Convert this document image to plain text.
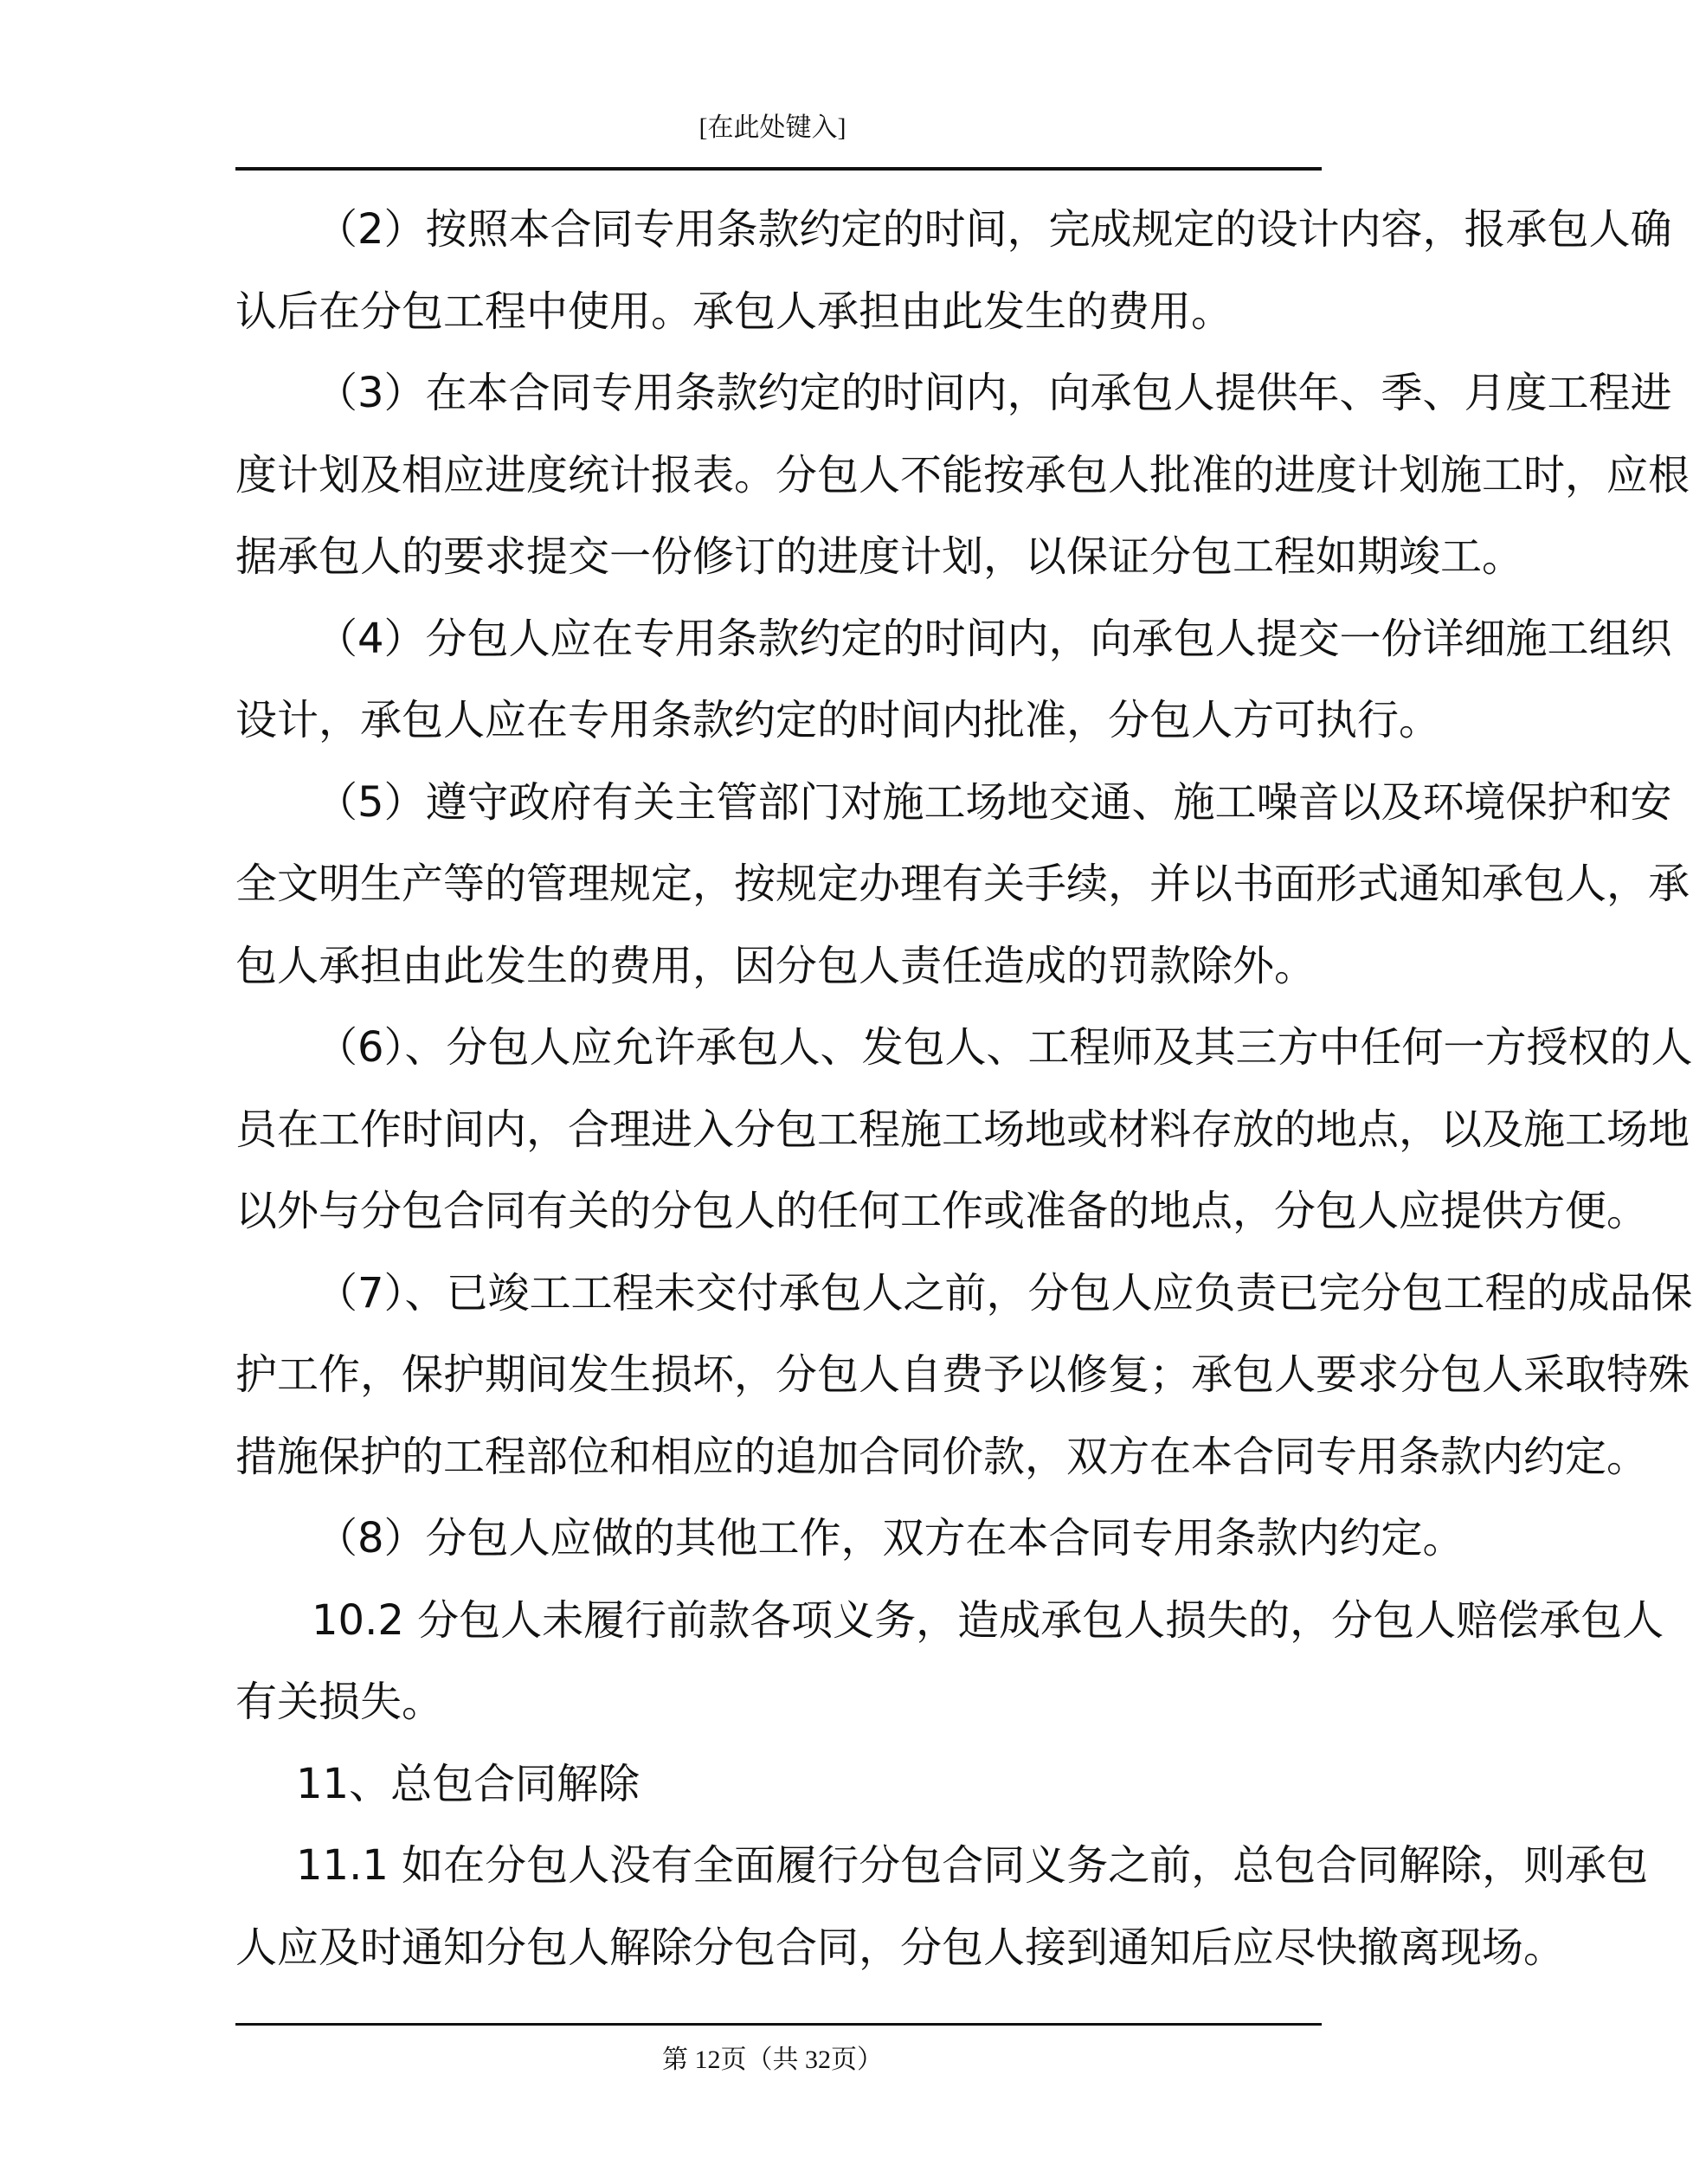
[在此处键入]
（2）按照本合同专用条款约定的时间，完成规定的设计内容，报承包人确
认后在分包工程中使用。承包人承担由此发生的费用。
（3）在本合同专用条款约定的时间内，向承包人提供年、季、月度工程进
度计划及相应进度统计报表。分包人不能按承包人批准的进度计划施工时，应根
据承包人的要求提交一份修订的进度计划，以保证分包工程如期竣工。
（4）分包人应在专用条款约定的时间内，向承包人提交一份详细施工组织
设计，承包人应在专用条款约定的时间内批准，分包人方可执行。
（5）遵守政府有关主管部门对施工场地交通、施工噪音以及环境保护和安
全文明生产等的管理规定，按规定办理有关手续，并以书面形式通知承包人，承
包人承担由此发生的费用，因分包人责任造成的罚款除外。
（6）、分包人应允许承包人、发包人、工程师及其三方中任何一方授权的人
员在工作时间内，合理进入分包工程施工场地或材料存放的地点，以及施工场地
以外与分包合同有关的分包人的任何工作或准备的地点，分包人应提供方便。
（7）、已竣工工程未交付承包人之前，分包人应负责已完分包工程的成品保
护工作，保护期间发生损坏，分包人自费予以修复；承包人要求分包人采取特殊
措施保护的工程部位和相应的追加合同价款，双方在本合同专用条款内约定。
（8）分包人应做的其他工作，双方在本合同专用条款内约定。
10.2 分包人未履行前款各项义务，造成承包人损失的，分包人赔偿承包人
有关损失。
11、总包合同解除
11.1 如在分包人没有全面履行分包合同义务之前，总包合同解除，则承包
人应及时通知分包人解除分包合同，分包人接到通知后应尽快撤离现场。
第 12页（共 32页）
